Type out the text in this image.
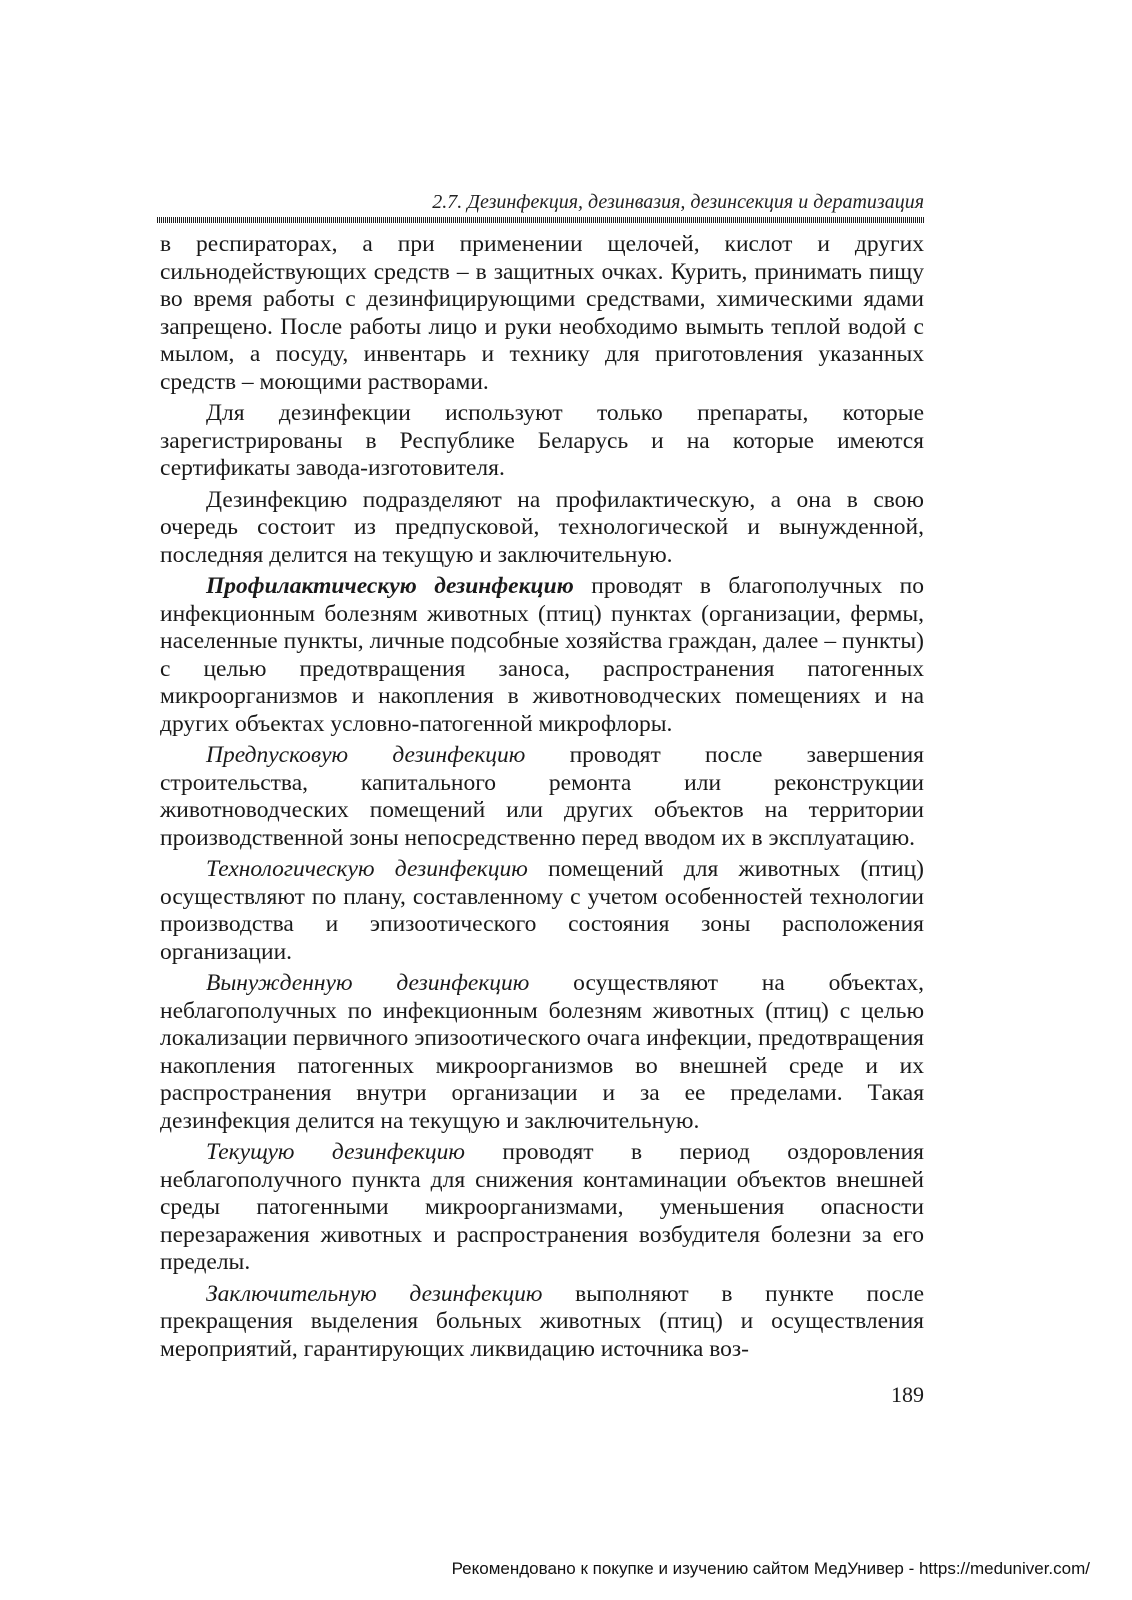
2.7. Дезинфекция, дезинвазия, дезинсекция и дератизация

в респираторах, а при применении щелочей, кислот и других сильнодействующих средств – в защитных очках. Курить, принимать пищу во время работы с дезинфицирующими средствами, химическими ядами запрещено. После работы лицо и руки необходимо вымыть теплой водой с мылом, а посуду, инвентарь и технику для приготовления указанных средств – моющими растворами.

Для дезинфекции используют только препараты, которые зарегистрированы в Республике Беларусь и на которые имеются сертификаты завода-изготовителя.

Дезинфекцию подразделяют на профилактическую, а она в свою очередь состоит из предпусковой, технологической и вынужденной, последняя делится на текущую и заключительную.

Профилактическую дезинфекцию проводят в благополучных по инфекционным болезням животных (птиц) пунктах (организации, фермы, населенные пункты, личные подсобные хозяйства граждан, далее – пункты) с целью предотвращения заноса, распространения патогенных микроорганизмов и накопления в животноводческих помещениях и на других объектах условно-патогенной микрофлоры.

Предпусковую дезинфекцию проводят после завершения строительства, капитального ремонта или реконструкции животноводческих помещений или других объектов на территории производственной зоны непосредственно перед вводом их в эксплуатацию.

Технологическую дезинфекцию помещений для животных (птиц) осуществляют по плану, составленному с учетом особенностей технологии производства и эпизоотического состояния зоны расположения организации.

Вынужденную дезинфекцию осуществляют на объектах, неблагополучных по инфекционным болезням животных (птиц) с целью локализации первичного эпизоотического очага инфекции, предотвращения накопления патогенных микроорганизмов во внешней среде и их распространения внутри организации и за ее пределами. Такая дезинфекция делится на текущую и заключительную.

Текущую дезинфекцию проводят в период оздоровления неблагополучного пункта для снижения контаминации объектов внешней среды патогенными микроорганизмами, уменьшения опасности перезаражения животных и распространения возбудителя болезни за его пределы.

Заключительную дезинфекцию выполняют в пункте после прекращения выделения больных животных (птиц) и осуществления мероприятий, гарантирующих ликвидацию источника воз-

189
Рекомендовано к покупке и изучению сайтом МедУнивер - https://meduniver.com/
